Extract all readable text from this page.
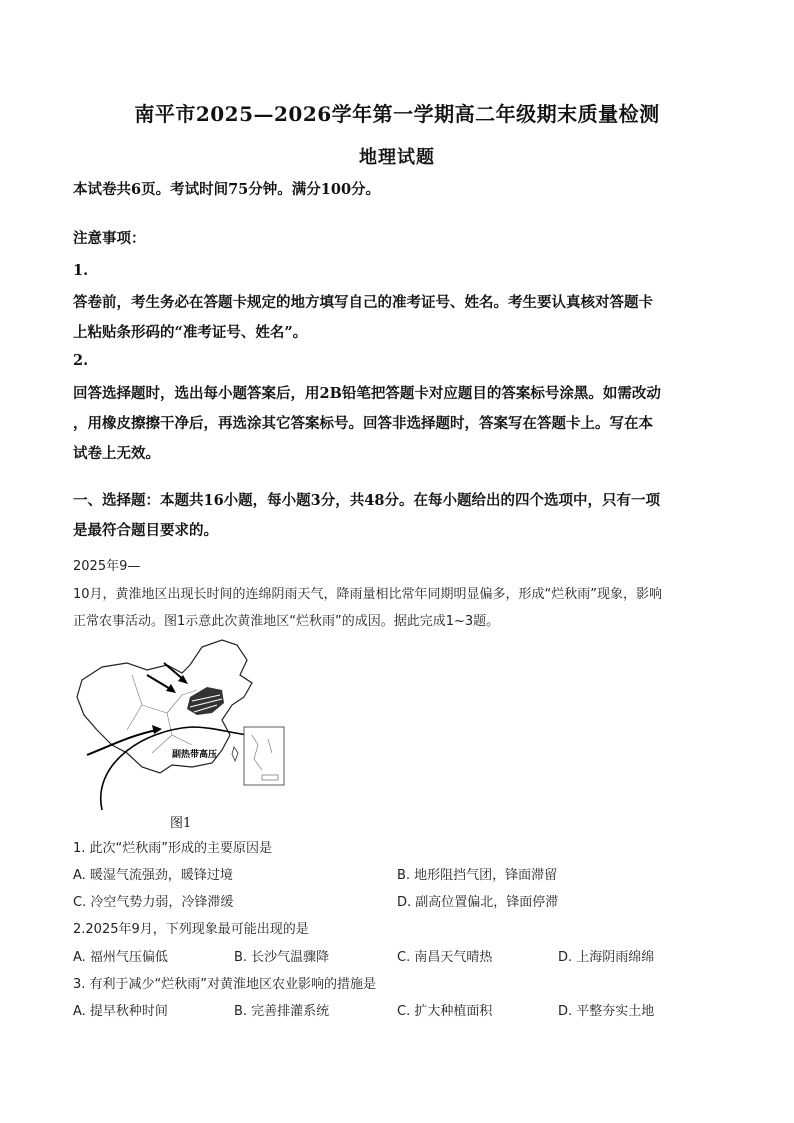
南平市2025—2026学年第一学期高二年级期末质量检测
地理试题
本试卷共6页。考试时间75分钟。满分100分。
注意事项：
1.
答卷前，考生务必在答题卡规定的地方填写自己的准考证号、姓名。考生要认真核对答题卡
上粘贴条形码的“准考证号、姓名”。
2.
回答选择题时，选出每小题答案后，用2B铅笔把答题卡对应题目的答案标号涂黑。如需改动
，用橡皮擦擦干净后，再选涂其它答案标号。回答非选择题时，答案写在答题卡上。写在本
试卷上无效。
一、选择题：本题共16小题，每小题3分，共48分。在每小题给出的四个选项中，只有一项
是最符合题目要求的。
2025年9—
10月，黄淮地区出现长时间的连绵阴雨天气，降雨量相比常年同期明显偏多，形成“烂秋雨”现象，影响
正常农事活动。图1示意此次黄淮地区“烂秋雨”的成因。据此完成1~3题。
副热带高压
图1
1. 此次“烂秋雨”形成的主要原因是
A. 暖湿气流强劲，暖锋过境	B. 地形阻挡气团，锋面滞留
C. 冷空气势力弱，冷锋滞缓	D. 副高位置偏北，锋面停滞
2.2025年9月，下列现象最可能出现的是
A. 福州气压偏低	B. 长沙气温骤降	C. 南昌天气晴热	D. 上海阴雨绵绵
3. 有利于减少“烂秋雨”对黄淮地区农业影响的措施是
A. 提早秋种时间	B. 完善排灌系统	C. 扩大种植面积	D. 平整夯实土地
